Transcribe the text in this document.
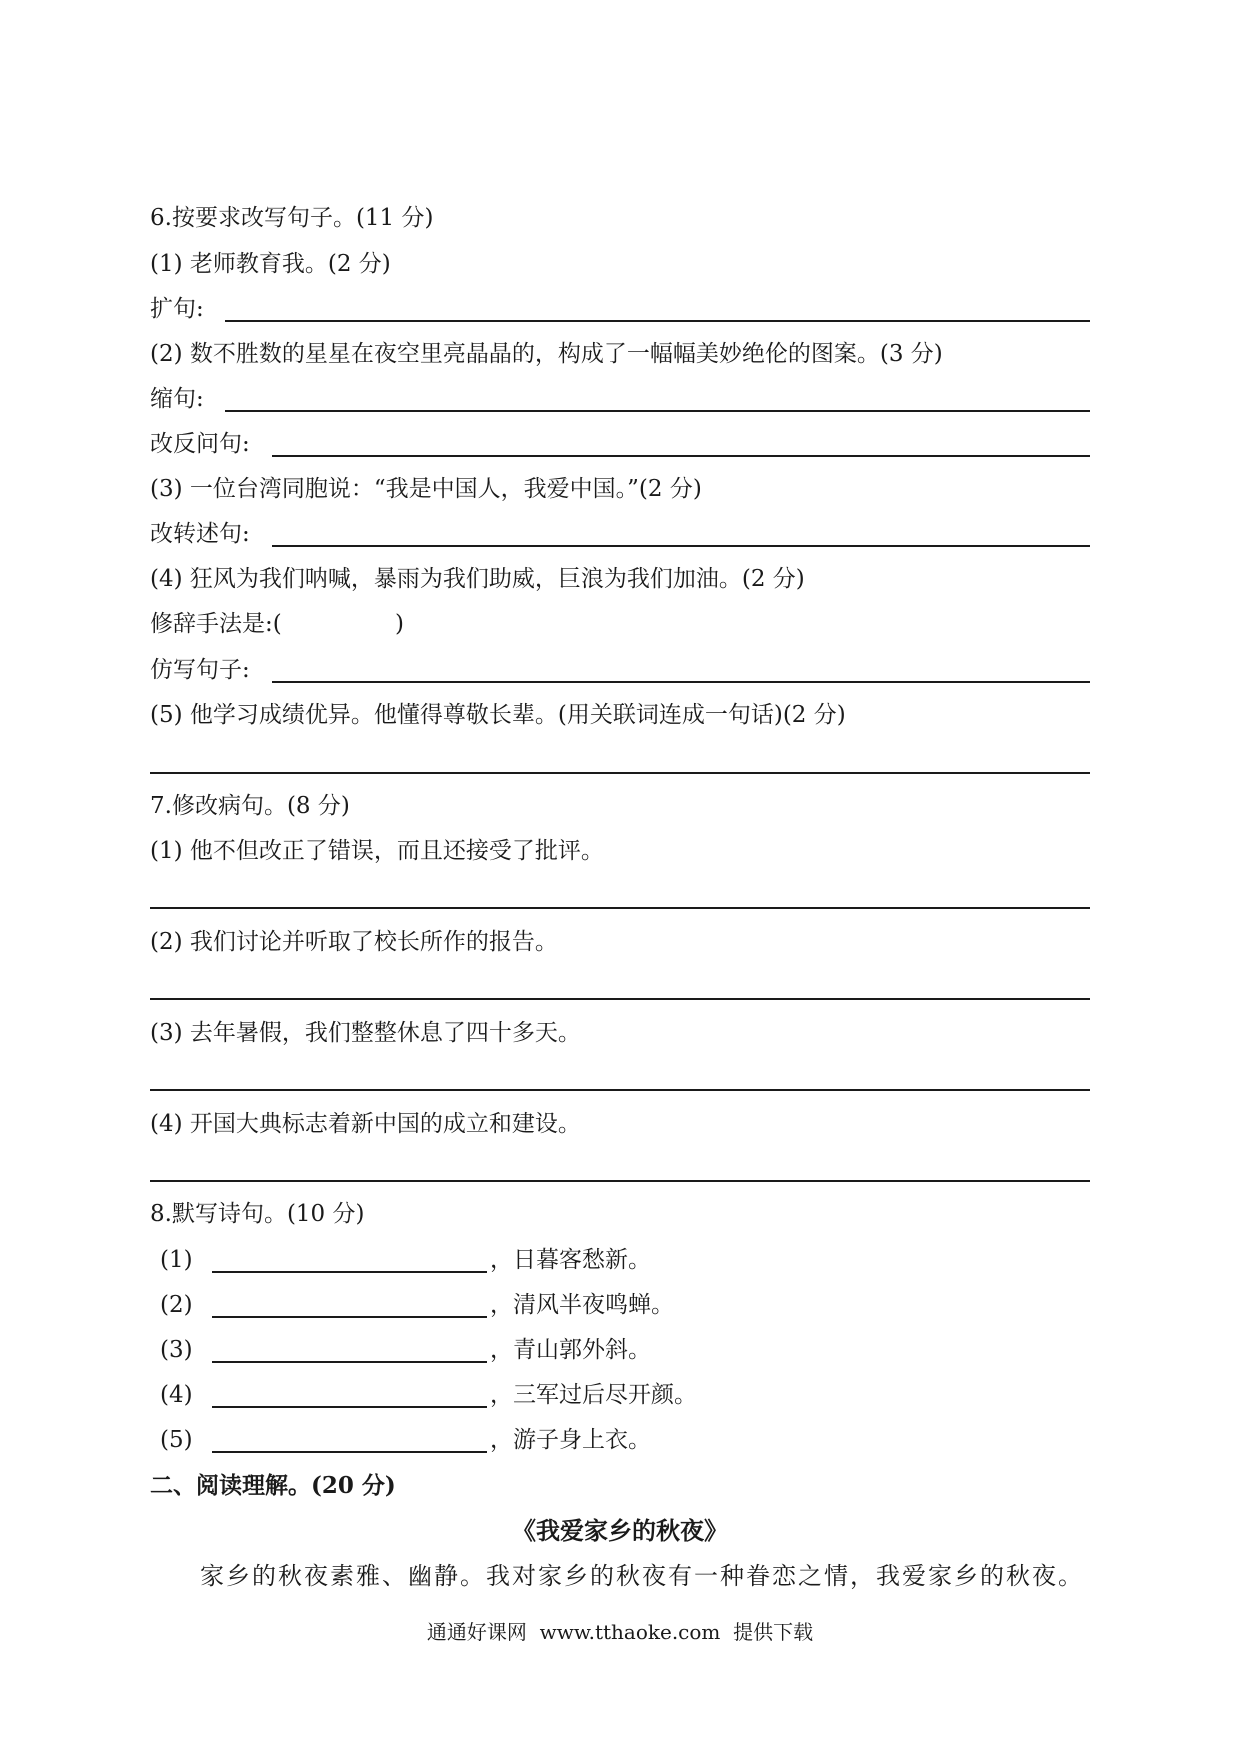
6.按要求改写句子。(11 分)
(1) 老师教育我。(2 分)
扩句:
(2) 数不胜数的星星在夜空里亮晶晶的，构成了一幅幅美妙绝伦的图案。(3 分)
缩句:
改反问句:
(3) 一位台湾同胞说：“我是中国人，我爱中国。”(2 分)
改转述句:
(4) 狂风为我们呐喊，暴雨为我们助威，巨浪为我们加油。(2 分)
修辞手法是:(	)
仿写句子:
(5) 他学习成绩优异。他懂得尊敬长辈。(用关联词连成一句话)(2 分)
7.修改病句。(8 分)
(1) 他不但改正了错误，而且还接受了批评。
(2) 我们讨论并听取了校长所作的报告。
(3) 去年暑假，我们整整休息了四十多天。
(4) 开国大典标志着新中国的成立和建设。
8.默写诗句。(10 分)
(1)	，日暮客愁新。
(2)	，清风半夜鸣蝉。
(3)	，青山郭外斜。
(4)	，三军过后尽开颜。
(5)	，游子身上衣。
二、阅读理解。(20 分)
《我爱家乡的秋夜》
家乡的秋夜素雅、幽静。我对家乡的秋夜有一种眷恋之情，我爱家乡的秋夜。
通通好课网  www.tthaoke.com  提供下载
